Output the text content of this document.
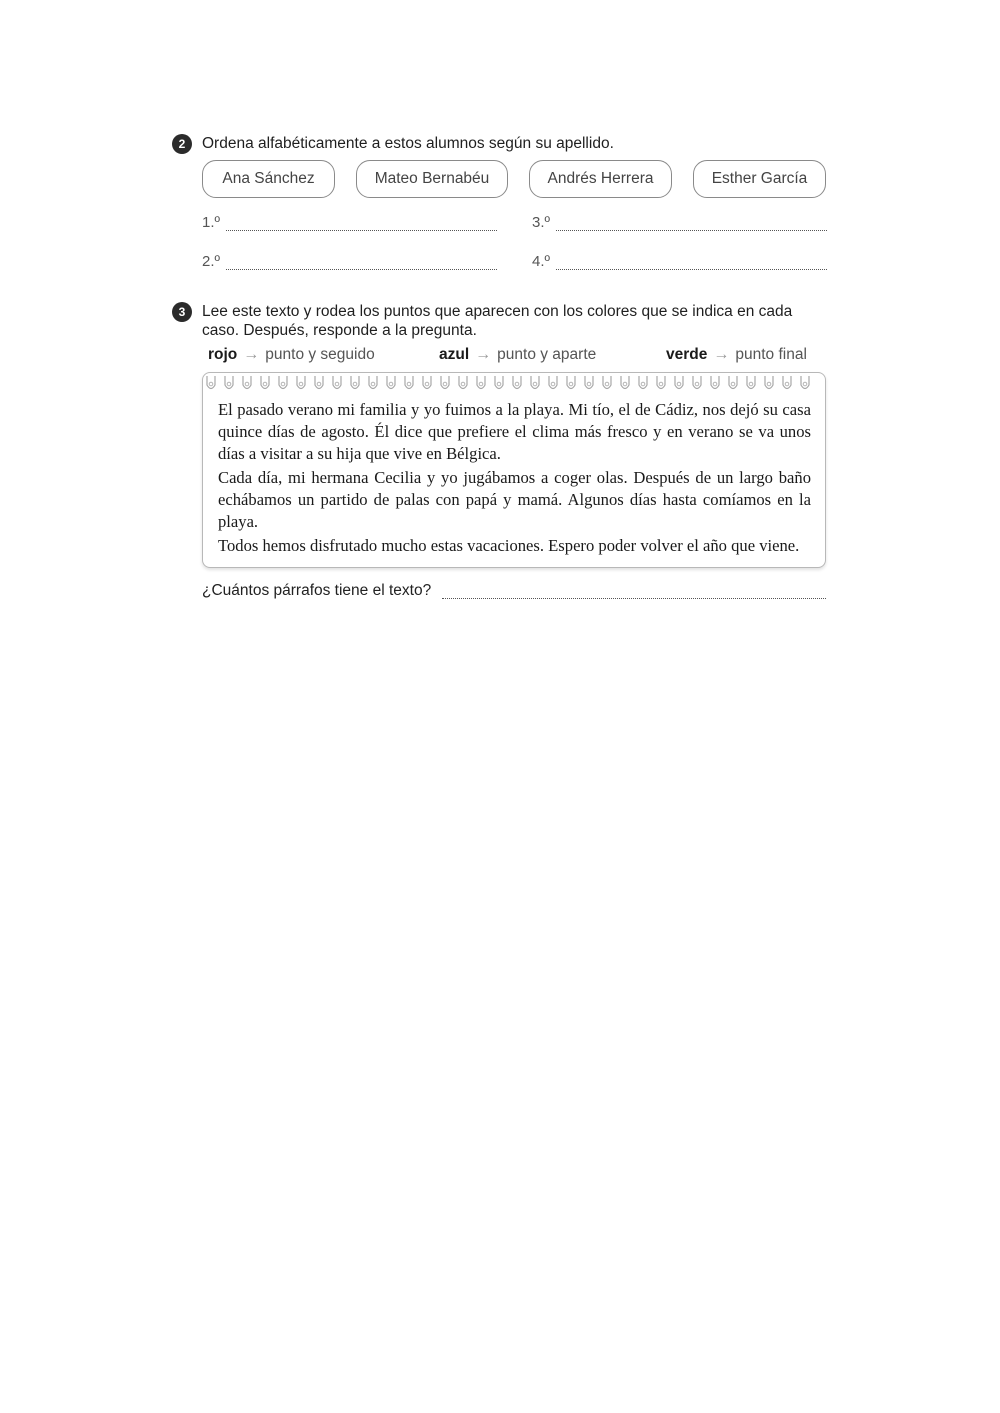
2	Ordena alfabéticamente a estos alumnos según su apellido.
Ana Sánchez	Mateo Bernabéu	Andrés Herrera	Esther García
1.º	3.º
2.º	4.º
3	Lee este texto y rodea los puntos que aparecen con los colores que se indica en cada caso. Después, responde a la pregunta.
rojo → punto y seguido	azul → punto y aparte	verde → punto final

El pasado verano mi familia y yo fuimos a la playa. Mi tío, el de Cádiz, nos dejó su casa quince días de agosto. Él dice que prefiere el clima más fresco y en verano se va unos días a visitar a su hija que vive en Bélgica.

Cada día, mi hermana Cecilia y yo jugábamos a coger olas. Después de un largo baño echábamos un partido de palas con papá y mamá. Algunos días hasta comíamos en la playa.

Todos hemos disfrutado mucho estas vacaciones. Espero poder volver el año que viene.

¿Cuántos párrafos tiene el texto?
